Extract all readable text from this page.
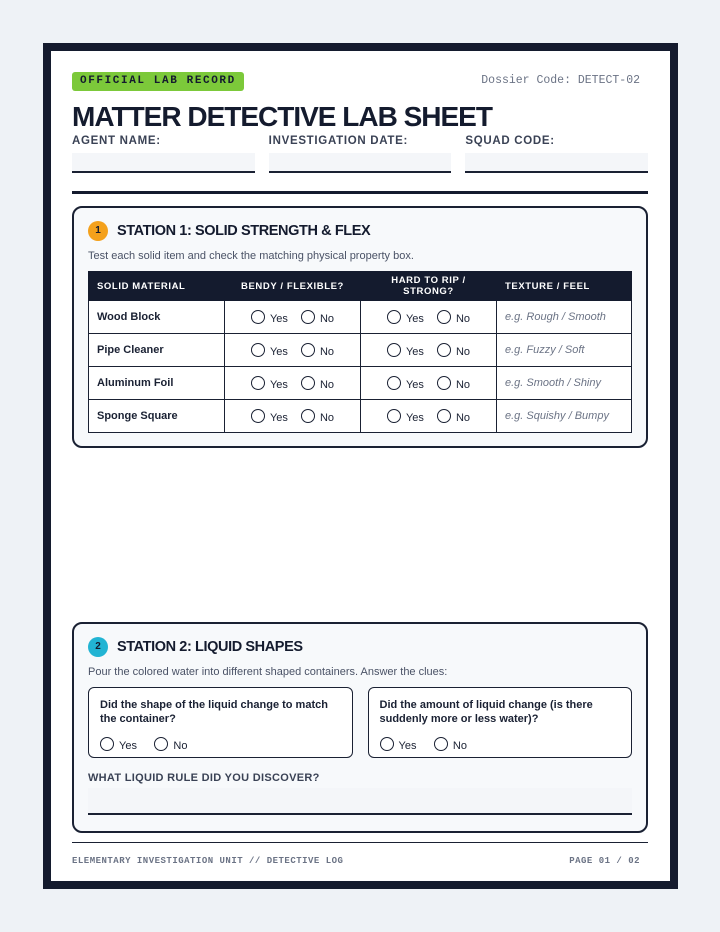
OFFICIAL LAB RECORD	Dossier Code: DETECT-02
MATTER DETECTIVE LAB SHEET
AGENT NAME:	INVESTIGATION DATE:	SQUAD CODE:
1	STATION 1: SOLID STRENGTH & FLEX
Test each solid item and check the matching physical property box.
SOLID MATERIAL	BENDY / FLEXIBLE?	HARD TO RIP / STRONG?	TEXTURE / FEEL
Wood Block	Yes No	Yes No	e.g. Rough / Smooth
Pipe Cleaner	Yes No	Yes No	e.g. Fuzzy / Soft
Aluminum Foil	Yes No	Yes No	e.g. Smooth / Shiny
Sponge Square	Yes No	Yes No	e.g. Squishy / Bumpy
2	STATION 2: LIQUID SHAPES
Pour the colored water into different shaped containers. Answer the clues:
Did the shape of the liquid change to match the container?
Yes	No
Did the amount of liquid change (is there suddenly more or less water)?
Yes	No
WHAT LIQUID RULE DID YOU DISCOVER?
ELEMENTARY INVESTIGATION UNIT // DETECTIVE LOG	PAGE 01 / 02
